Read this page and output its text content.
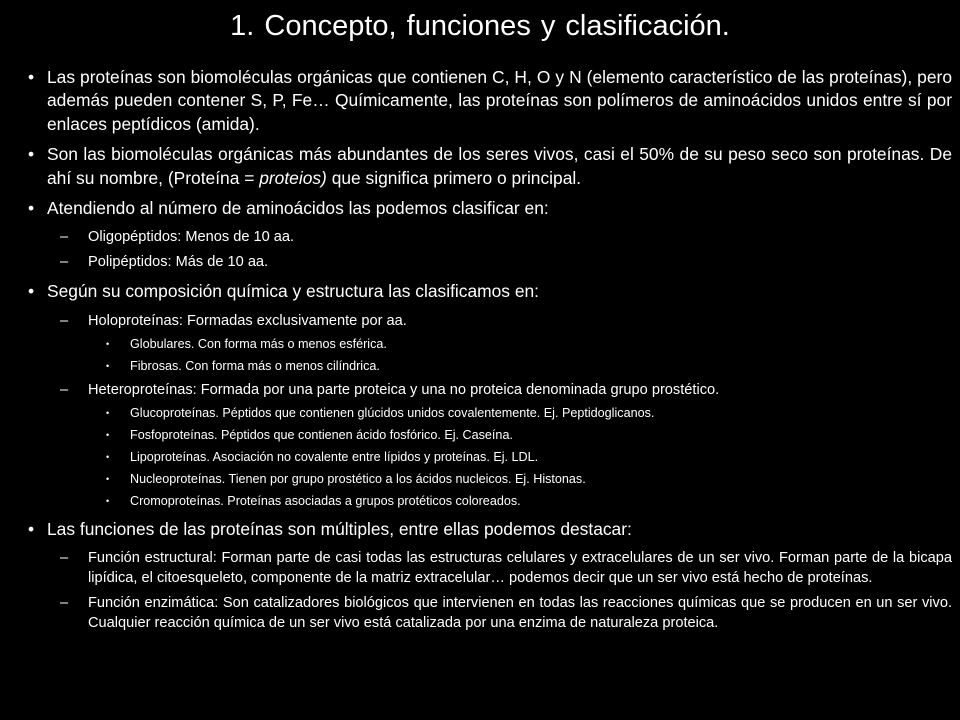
1. Concepto, funciones y clasificación.
• Las proteínas son biomoléculas orgánicas que contienen C, H, O y N (elemento característico de las proteínas), pero además pueden contener S, P, Fe… Químicamente, las proteínas son polímeros de aminoácidos unidos entre sí por enlaces peptídicos (amida).
• Son las biomoléculas orgánicas más abundantes de los seres vivos, casi el 50% de su peso seco son proteínas. De ahí su nombre, (Proteína = proteios) que significa primero o principal.
• Atendiendo al número de aminoácidos las podemos clasificar en:
– Oligopéptidos: Menos de 10 aa.
– Polipéptidos: Más de 10 aa.
• Según su composición química y estructura las clasificamos en:
– Holoproteínas: Formadas exclusivamente por aa.
• Globulares. Con forma más o menos esférica.
• Fibrosas. Con forma más o menos cilíndrica.
– Heteroproteínas: Formada por una parte proteica y una no proteica denominada grupo prostético.
• Glucoproteínas. Péptidos que contienen glúcidos unidos covalentemente. Ej. Peptidoglicanos.
• Fosfoproteínas. Péptidos que contienen ácido fosfórico. Ej. Caseína.
• Lipoproteínas. Asociación no covalente entre lípidos y proteínas. Ej. LDL.
• Nucleoproteínas. Tienen por grupo prostético a los ácidos nucleicos. Ej. Histonas.
• Cromoproteínas. Proteínas asociadas a grupos protéticos coloreados.
• Las funciones de las proteínas son múltiples, entre ellas podemos destacar:
– Función estructural: Forman parte de casi todas las estructuras celulares y extracelulares de un ser vivo. Forman parte de la bicapa lipídica, el citoesqueleto, componente de la matriz extracelular… podemos decir que un ser vivo está hecho de proteínas.
– Función enzimática: Son catalizadores biológicos que intervienen en todas las reacciones químicas que se producen en un ser vivo. Cualquier reacción química de un ser vivo está catalizada por una enzima de naturaleza proteica.
